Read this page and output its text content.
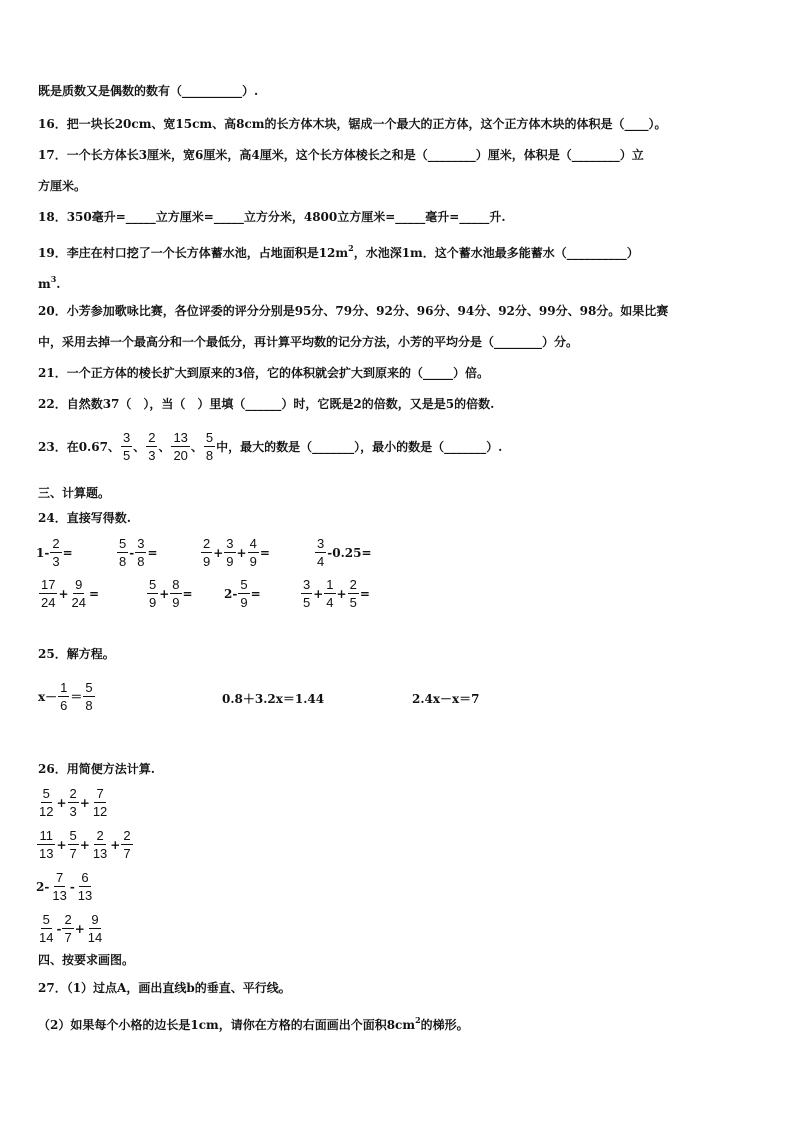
既是质数又是偶数的数有（__________）.
16．把一块长20cm、宽15cm、高8cm的长方体木块，锯成一个最大的正方体，这个正方体木块的体积是（____）。
17．一个长方体长3厘米，宽6厘米，高4厘米，这个长方体棱长之和是（________）厘米，体积是（________）立
方厘米。
18．350毫升=_____立方厘米=_____立方分米，4800立方厘米=_____毫升=_____升.
19．李庄在村口挖了一个长方体蓄水池，占地面积是$12m^2$，水池深1m．这个蓄水池最多能蓄水（__________）
$m^3$.
20．小芳参加歌咏比赛，各位评委的评分分别是95分、79分、92分、96分、94分、92分、99分、98分。如果比赛
中，采用去掉一个最高分和一个最低分，再计算平均数的记分方法，小芳的平均分是（________）分。
21．一个正方体的棱长扩大到原来的3倍，它的体积就会扩大到原来的（_____）倍。
22．自然数37（　），当（　）里填（______）时，它既是2的倍数，又是是5的倍数.
23．在0.67、 $\frac{3}{5}$ 、 $\frac{2}{3}$ 、 $\frac{13}{20}$ 、 $\frac{5}{8}$ 中，最大的数是（_______），最小的数是（_______）.
三、计算题。
24．直接写得数.
$1- \frac{2}{3}$ =	$\frac{5}{8} - \frac{3}{8}$ =	$\frac{2}{9} + \frac{3}{9} + \frac{4}{9}$ =	$\frac{3}{4} -0.25=$
$\frac{17}{24} + \frac{9}{24}$ =	$\frac{5}{9} + \frac{8}{9}$ =	$2- \frac{5}{9}$ =	$\frac{3}{5} + \frac{1}{4} + \frac{2}{5}$ =
25．解方程。
$x- \frac{1}{6} = \frac{5}{8}$	0.8＋3.2x＝1.44	2.4x－x＝7
26．用简便方法计算.
$\frac{5}{12} + \frac{2}{3} + \frac{7}{12}$
$\frac{11}{13} + \frac{5}{7} + \frac{2}{13} + \frac{2}{7}$
$2- \frac{7}{13} - \frac{6}{13}$
$\frac{5}{14} - \frac{2}{7} + \frac{9}{14}$
四、按要求画图。
27．（1）过点A，画出直线b的垂直、平行线。
（2）如果每个小格的边长是1cm，请你在方格的右面画出个面积$8cm^2$的梯形。
